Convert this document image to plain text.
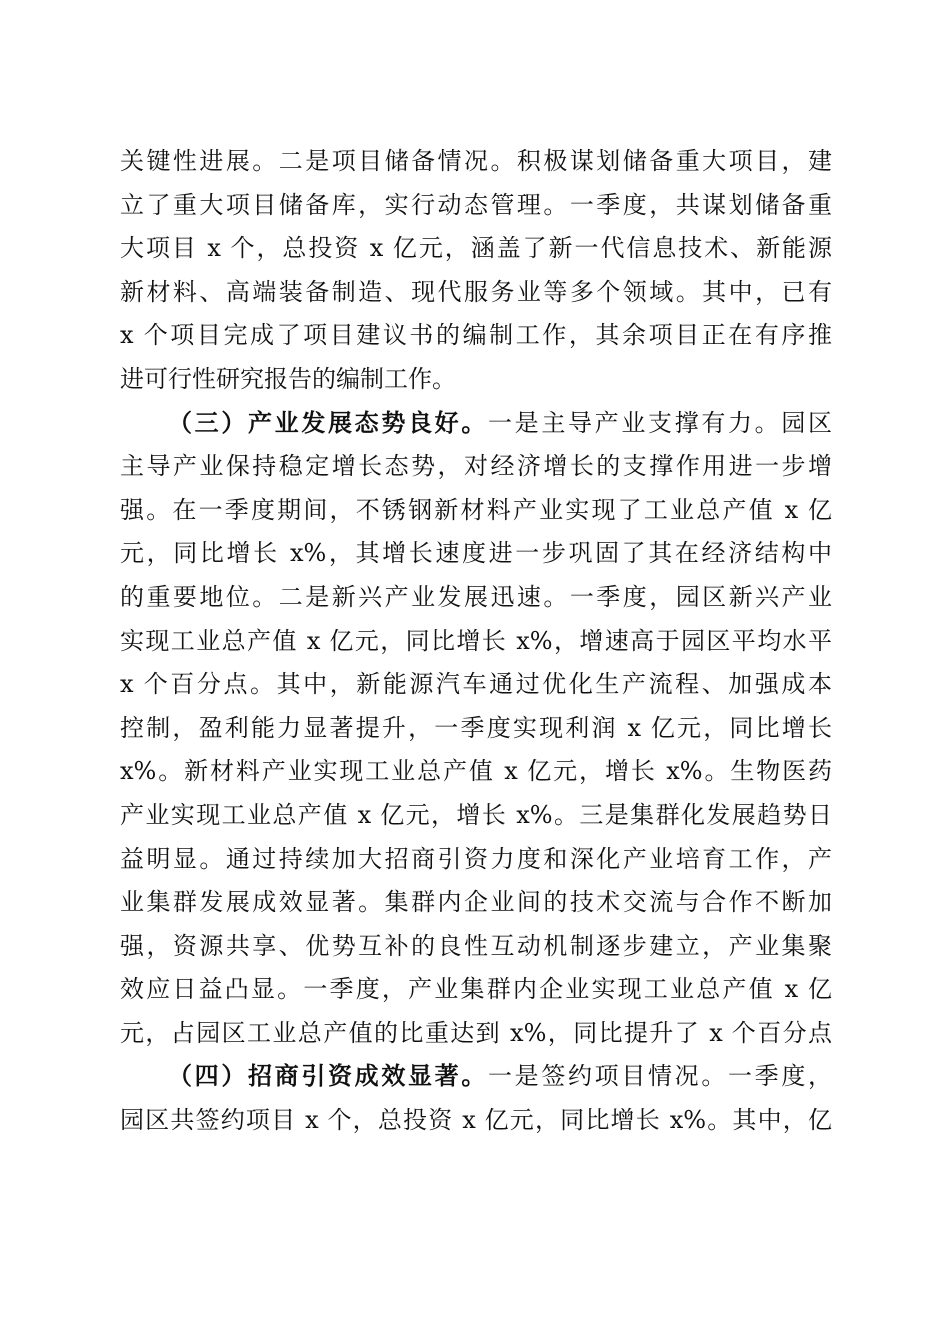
关键性进展。二是项目储备情况。积极谋划储备重大项目，建
立了重大项目储备库，实行动态管理。一季度，共谋划储备重
大项目 x 个，总投资 x 亿元，涵盖了新一代信息技术、新能源
新材料、高端装备制造、现代服务业等多个领域。其中，已有
x 个项目完成了项目建议书的编制工作，其余项目正在有序推
进可行性研究报告的编制工作。
（三）产业发展态势良好。一是主导产业支撑有力。园区
主导产业保持稳定增长态势，对经济增长的支撑作用进一步增
强。在一季度期间，不锈钢新材料产业实现了工业总产值 x 亿
元，同比增长 x%，其增长速度进一步巩固了其在经济结构中
的重要地位。二是新兴产业发展迅速。一季度，园区新兴产业
实现工业总产值 x 亿元，同比增长 x%，增速高于园区平均水平
x 个百分点。其中，新能源汽车通过优化生产流程、加强成本
控制，盈利能力显著提升，一季度实现利润 x 亿元，同比增长
x%。新材料产业实现工业总产值 x 亿元，增长 x%。生物医药
产业实现工业总产值 x 亿元，增长 x%。三是集群化发展趋势日
益明显。通过持续加大招商引资力度和深化产业培育工作，产
业集群发展成效显著。集群内企业间的技术交流与合作不断加
强，资源共享、优势互补的良性互动机制逐步建立，产业集聚
效应日益凸显。一季度，产业集群内企业实现工业总产值 x 亿
元，占园区工业总产值的比重达到 x%，同比提升了 x 个百分点
（四）招商引资成效显著。一是签约项目情况。一季度，
园区共签约项目 x 个，总投资 x 亿元，同比增长 x%。其中，亿
